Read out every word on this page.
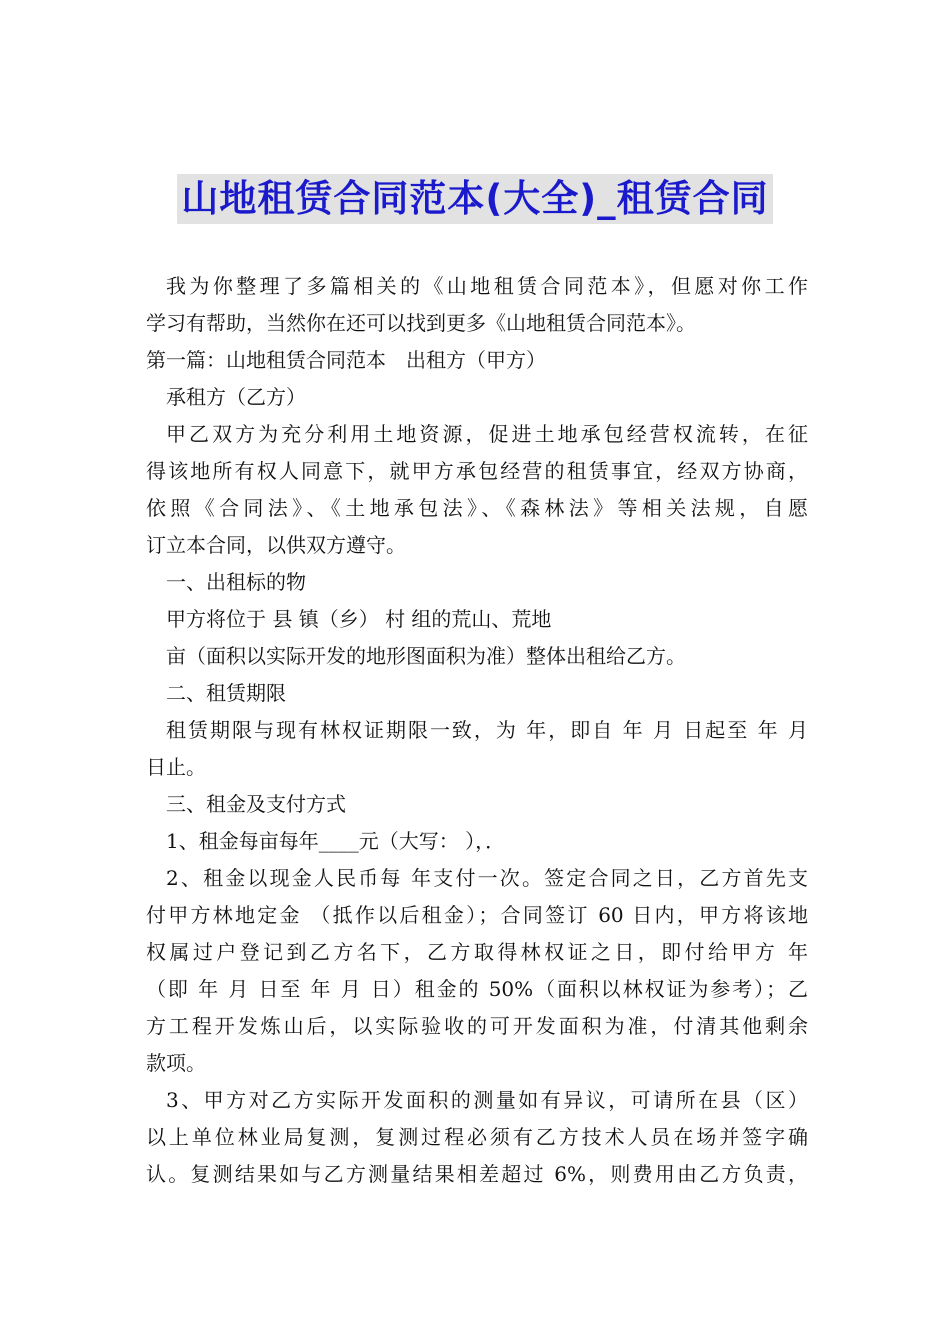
山地租赁合同范本(大全)_租赁合同
我为你整理了多篇相关的《山地租赁合同范本》，但愿对你工作
学习有帮助，当然你在还可以找到更多《山地租赁合同范本》。
第一篇：山地租赁合同范本　出租方（甲方）
承租方（乙方）
甲乙双方为充分利用土地资源，促进土地承包经营权流转，在征
得该地所有权人同意下，就甲方承包经营的租赁事宜，经双方协商，
依照《合同法》、《土地承包法》、《森林法》等相关法规，自愿
订立本合同，以供双方遵守。
一、出租标的物
甲方将位于 县 镇（乡） 村 组的荒山、荒地
亩（面积以实际开发的地形图面积为准）整体出租给乙方。
二、租赁期限
租赁期限与现有林权证期限一致，为 年，即自 年 月 日起至 年 月
日止。
三、租金及支付方式
1、租金每亩每年____元（大写： ），．
2、租金以现金人民币每 年支付一次。签定合同之日，乙方首先支
付甲方林地定金 （抵作以后租金）；合同签订 60 日内，甲方将该地
权属过户登记到乙方名下，乙方取得林权证之日，即付给甲方 年
（即 年 月 日至 年 月 日）租金的 50%（面积以林权证为参考）；乙
方工程开发炼山后，以实际验收的可开发面积为准，付清其他剩余
款项。
3、甲方对乙方实际开发面积的测量如有异议，可请所在县（区）
以上单位林业局复测，复测过程必须有乙方技术人员在场并签字确
认。复测结果如与乙方测量结果相差超过 6%，则费用由乙方负责，
